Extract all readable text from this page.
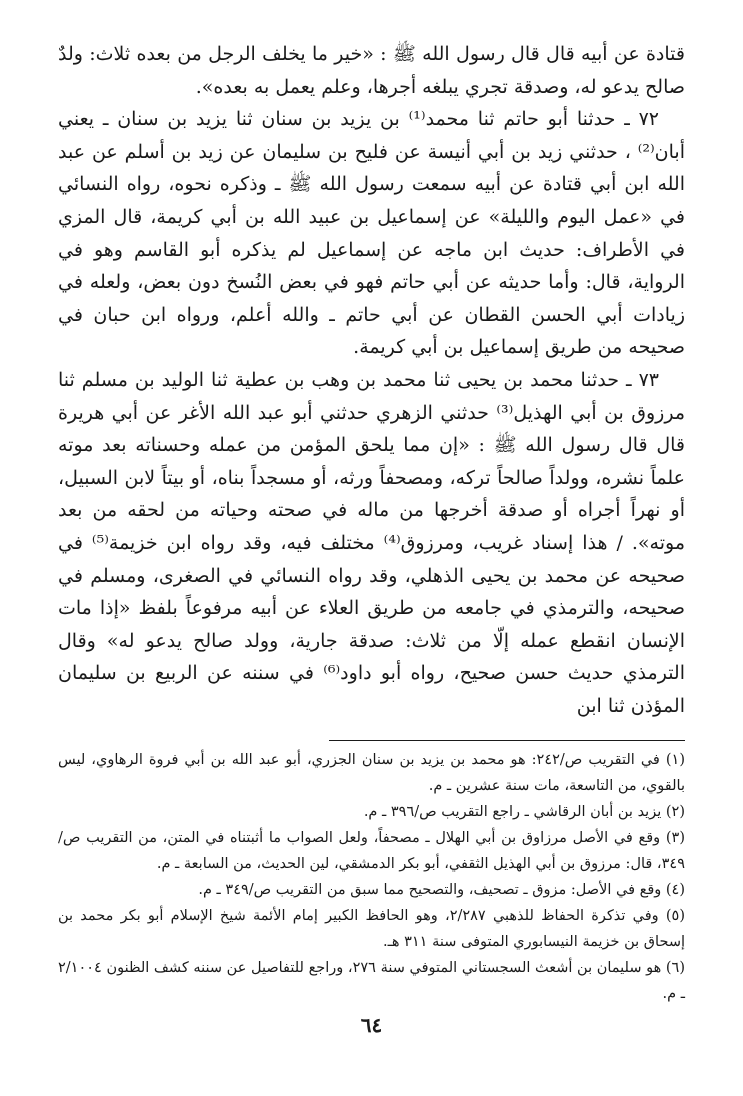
قتادة عن أبيه قال قال رسول الله ﷺ : «خير ما يخلف الرجل من بعده ثلاث: ولدٌ صالح يدعو له، وصدقة تجري يبلغه أجرها، وعلم يعمل به بعده».

٧٢ ـ حدثنا أبو حاتم ثنا محمد⁽¹⁾ بن يزيد بن سنان ثنا يزيد بن سنان ـ يعني أبان⁽²⁾ ، حدثني زيد بن أبي أنيسة عن فليح بن سليمان عن زيد بن أسلم عن عبد الله ابن أبي قتادة عن أبيه سمعت رسول الله ﷺ ـ وذكره نحوه، رواه النسائي في «عمل اليوم والليلة» عن إسماعيل بن عبيد الله بن أبي كريمة، قال المزي في الأطراف: حديث ابن ماجه عن إسماعيل لم يذكره أبو القاسم وهو في الرواية، قال: وأما حديثه عن أبي حاتم فهو في بعض النُسخ دون بعض، ولعله في زيادات أبي الحسن القطان عن أبي حاتم ـ والله أعلم، ورواه ابن حبان في صحيحه من طريق إسماعيل بن أبي كريمة.

٧٣ ـ حدثنا محمد بن يحيى ثنا محمد بن وهب بن عطية ثنا الوليد بن مسلم ثنا مرزوق بن أبي الهذيل⁽³⁾ حدثني الزهري حدثني أبو عبد الله الأغر عن أبي هريرة قال قال رسول الله ﷺ : «إن مما يلحق المؤمن من عمله وحسناته بعد موته علماً نشره، وولداً صالحاً تركه، ومصحفاً ورثه، أو مسجداً بناه، أو بيتاً لابن السبيل، أو نهراً أجراه أو صدقة أخرجها من ماله في صحته وحياته من لحقه من بعد موته». / هذا إسناد غريب، ومرزوق⁽⁴⁾ مختلف فيه، وقد رواه ابن خزيمة⁽⁵⁾ في صحيحه عن محمد بن يحيى الذهلي، وقد رواه النسائي في الصغرى، ومسلم في صحيحه، والترمذي في جامعه من طريق العلاء عن أبيه مرفوعاً بلفظ «إذا مات الإنسان انقطع عمله إلّا من ثلاث: صدقة جارية، وولد صالح يدعو له» وقال الترمذي حديث حسن صحيح، رواه أبو داود⁽⁶⁾ في سننه عن الربيع بن سليمان المؤذن ثنا ابن

(١) في التقريب ص/٢٤٢: هو محمد بن يزيد بن سنان الجزري، أبو عبد الله بن أبي فروة الرهاوي، ليس بالقوي، من التاسعة، مات سنة عشرين ـ م.

(٢) يزيد بن أبان الرقاشي ـ راجع التقريب ص/٣٩٦ ـ م.

(٣) وقع في الأصل مرزاوق بن أبي الهلال ـ مصحفاً، ولعل الصواب ما أثبتناه في المتن، من التقريب ص/٣٤٩، قال: مرزوق بن أبي الهذيل الثقفي، أبو بكر الدمشقي، لين الحديث، من السابعة ـ م.

(٤) وقع في الأصل: مزوق ـ تصحيف، والتصحيح مما سبق من التقريب ص/٣٤٩ ـ م.

(٥) وفي تذكرة الحفاظ للذهبي ٢/٢٨٧، وهو الحافظ الكبير إمام الأئمة شيخ الإسلام أبو بكر محمد بن إسحاق بن خزيمة النيسابوري المتوفى سنة ٣١١ هـ.

(٦) هو سليمان بن أشعث السجستاني المتوفي سنة ٢٧٦، وراجع للتفاصيل عن سننه كشف الظنون ٢/١٠٠٤ ـ م.

٦٤
